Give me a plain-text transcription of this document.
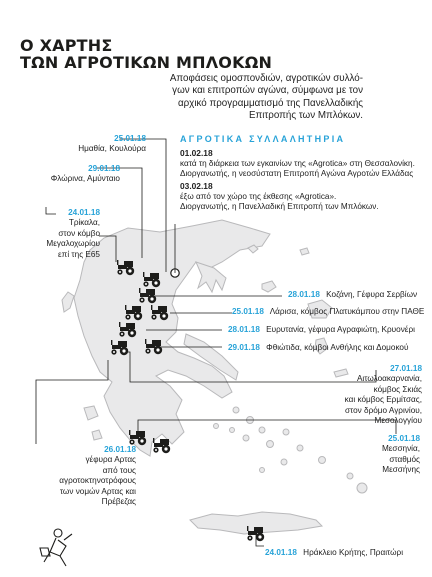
Ο ΧΑΡΤΗΣ
ΤΩΝ ΑΓΡΟΤΙΚΩΝ ΜΠΛΟΚΩΝ
Αποφάσεις ομοσπονδιών, αγροτικών συλλό-
γων και επιτροπών αγώνα, σύμφωνα με τον
αρχικό προγραμματισμό της Πανελλαδικής
Επιτροπής των Μπλόκων.
ΑΓΡΟΤΙΚΑ ΣΥΛΛΑΛΗΤΗΡΙΑ
01.02.18
κατά τη διάρκεια των εγκαινίων της «Agrotica» στη Θεσσαλονίκη.
Διοργανωτής, η νεοσύστατη Επιτροπή Αγώνα Αγροτών Ελλάδας
03.02.18
έξω από τον χώρο της έκθεσης «Agrotica».
Διοργανωτής, η Πανελλαδική Επιτροπή των Μπλόκων.
25.01.18
Ημαθία, Κουλούρα
29.01.18
Φλώρινα, Αμύνταιο
24.01.18
Τρίκαλα,
στον κόμβο
Μεγαλοχωρίου
επί της Ε65
28.01.18 Κοζάνη, Γέφυρα Σερβίων
25.01.18 Λάρισα, κόμβος Πλατυκάμπου στην ΠΑΘΕ
28.01.18 Ευρυτανία, γέφυρα Αγραφιώτη, Κρυονέρι
29.01.18 Φθιώτιδα, κόμβοι Ανθήλης και Δομοκού
27.01.18
Αιτωλοακαρνανία,
κόμβος Σκιάς
και κόμβος Ερμίτσας,
στον δρόμο Αγρινίου,
Μεσολογγίου
26.01.18
γέφυρα Αρτας
από τους
αγροτοκτηνοτρόφους
των νομών Αρτας και
Πρέβεζας
25.01.18
Μεσσηνία,
σταθμός
Μεσσήνης
24.01.18 Ηράκλειο Κρήτης, Πραιτώρι
